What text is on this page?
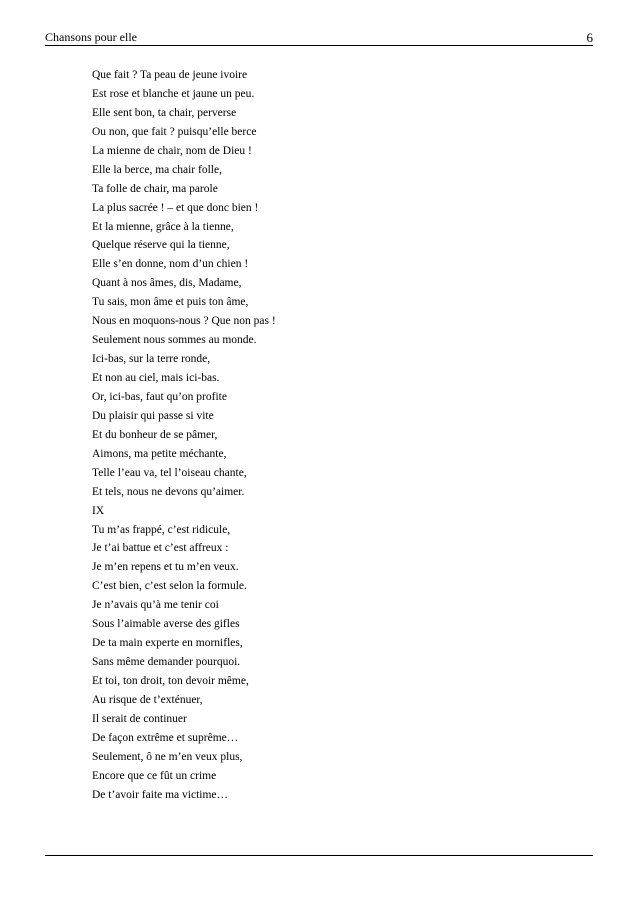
Chansons pour elle	6
Que fait ? Ta peau de jeune ivoire
Est rose et blanche et jaune un peu.
Elle sent bon, ta chair, perverse
Ou non, que fait ? puisqu’elle berce
La mienne de chair, nom de Dieu !
Elle la berce, ma chair folle,
Ta folle de chair, ma parole
La plus sacrée ! – et que donc bien !
Et la mienne, grâce à la tienne,
Quelque réserve qui la tienne,
Elle s’en donne, nom d’un chien !
Quant à nos âmes, dis, Madame,
Tu sais, mon âme et puis ton âme,
Nous en moquons-nous ? Que non pas !
Seulement nous sommes au monde.
Ici-bas, sur la terre ronde,
Et non au ciel, mais ici-bas.
Or, ici-bas, faut qu’on profite
Du plaisir qui passe si vite
Et du bonheur de se pâmer,
Aimons, ma petite méchante,
Telle l’eau va, tel l’oiseau chante,
Et tels, nous ne devons qu’aimer.
IX
Tu m’as frappé, c’est ridicule,
Je t’ai battue et c’est affreux :
Je m’en repens et tu m’en veux.
C’est bien, c’est selon la formule.
Je n’avais qu’à me tenir coi
Sous l’aimable averse des gifles
De ta main experte en mornifles,
Sans même demander pourquoi.
Et toi, ton droit, ton devoir même,
Au risque de t’exténuer,
Il serait de continuer
De façon extrême et suprême…
Seulement, ô ne m’en veux plus,
Encore que ce fût un crime
De t’avoir faite ma victime…
